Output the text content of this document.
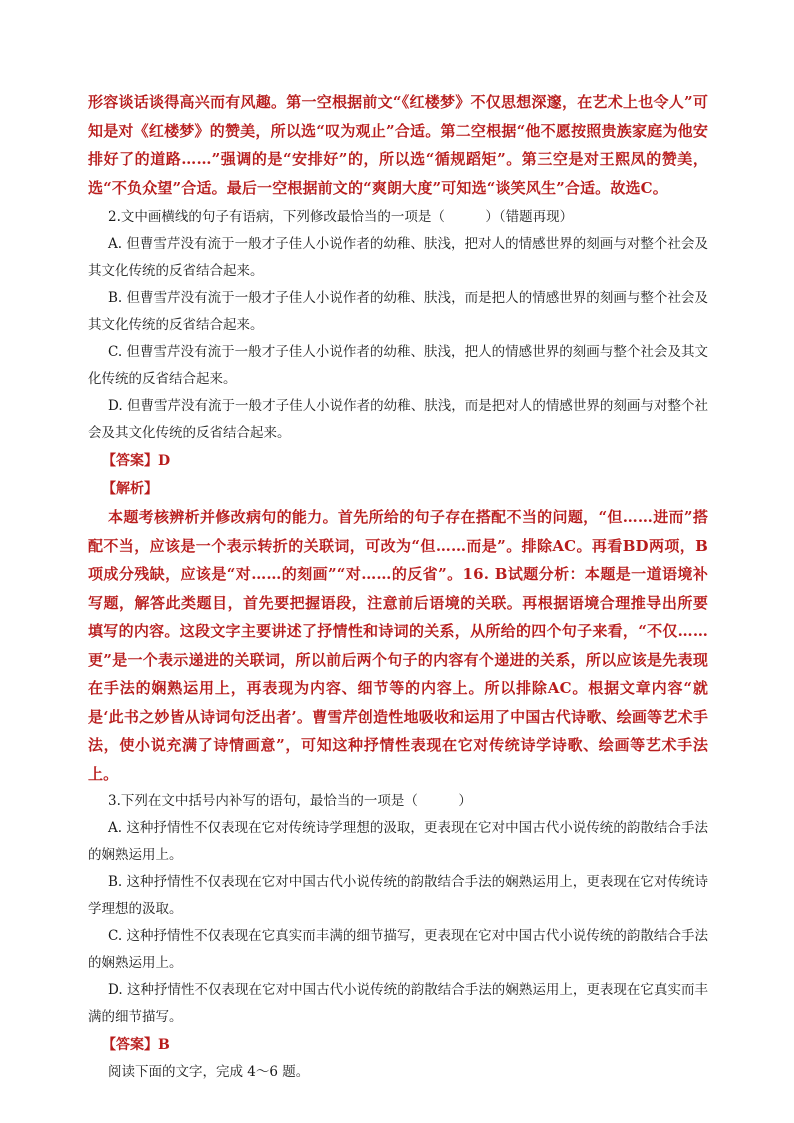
形容谈话谈得高兴而有风趣。第一空根据前文“《红楼梦》不仅思想深邃，在艺术上也令人”可知是对《红楼梦》的赞美，所以选“叹为观止”合适。第二空根据“他不愿按照贵族家庭为他安排好了的道路……”强调的是“安排好”的，所以选“循规蹈矩”。第三空是对王熙凤的赞美，选“不负众望”合适。最后一空根据前文的“爽朗大度”可知选“谈笑风生”合适。故选C。

2.文中画横线的句子有语病，下列修改最恰当的一项是（　　　）（错题再现）

A. 但曹雪芹没有流于一般才子佳人小说作者的幼稚、肤浅，把对人的情感世界的刻画与对整个社会及其文化传统的反省结合起来。

B. 但曹雪芹没有流于一般才子佳人小说作者的幼稚、肤浅，而是把人的情感世界的刻画与整个社会及其文化传统的反省结合起来。

C. 但曹雪芹没有流于一般才子佳人小说作者的幼稚、肤浅，把人的情感世界的刻画与整个社会及其文化传统的反省结合起来。

D. 但曹雪芹没有流于一般才子佳人小说作者的幼稚、肤浅，而是把对人的情感世界的刻画与对整个社会及其文化传统的反省结合起来。

【答案】D
【解析】

本题考核辨析并修改病句的能力。首先所给的句子存在搭配不当的问题，“但……进而”搭配不当，应该是一个表示转折的关联词，可改为“但……而是”。排除AC。再看BD两项，B项成分残缺，应该是“对……的刻画”“对……的反省”。16. B试题分析：本题是一道语境补写题，解答此类题目，首先要把握语段，注意前后语境的关联。再根据语境合理推导出所要填写的内容。这段文字主要讲述了抒情性和诗词的关系，从所给的四个句子来看，“不仅……更”是一个表示递进的关联词，所以前后两个句子的内容有个递进的关系，所以应该是先表现在手法的娴熟运用上，再表现为内容、细节等的内容上。所以排除AC。根据文章内容“就是‘此书之妙皆从诗词句泛出者’。曹雪芹创造性地吸收和运用了中国古代诗歌、绘画等艺术手法，使小说充满了诗情画意”，可知这种抒情性表现在它对传统诗学诗歌、绘画等艺术手法上。

3.下列在文中括号内补写的语句，最恰当的一项是（　　　）

A. 这种抒情性不仅表现在它对传统诗学理想的汲取，更表现在它对中国古代小说传统的韵散结合手法的娴熟运用上。

B. 这种抒情性不仅表现在它对中国古代小说传统的韵散结合手法的娴熟运用上，更表现在它对传统诗学理想的汲取。

C. 这种抒情性不仅表现在它真实而丰满的细节描写，更表现在它对中国古代小说传统的韵散结合手法的娴熟运用上。

D. 这种抒情性不仅表现在它对中国古代小说传统的韵散结合手法的娴熟运用上，更表现在它真实而丰满的细节描写。

【答案】B

阅读下面的文字，完成 4～6 题。
